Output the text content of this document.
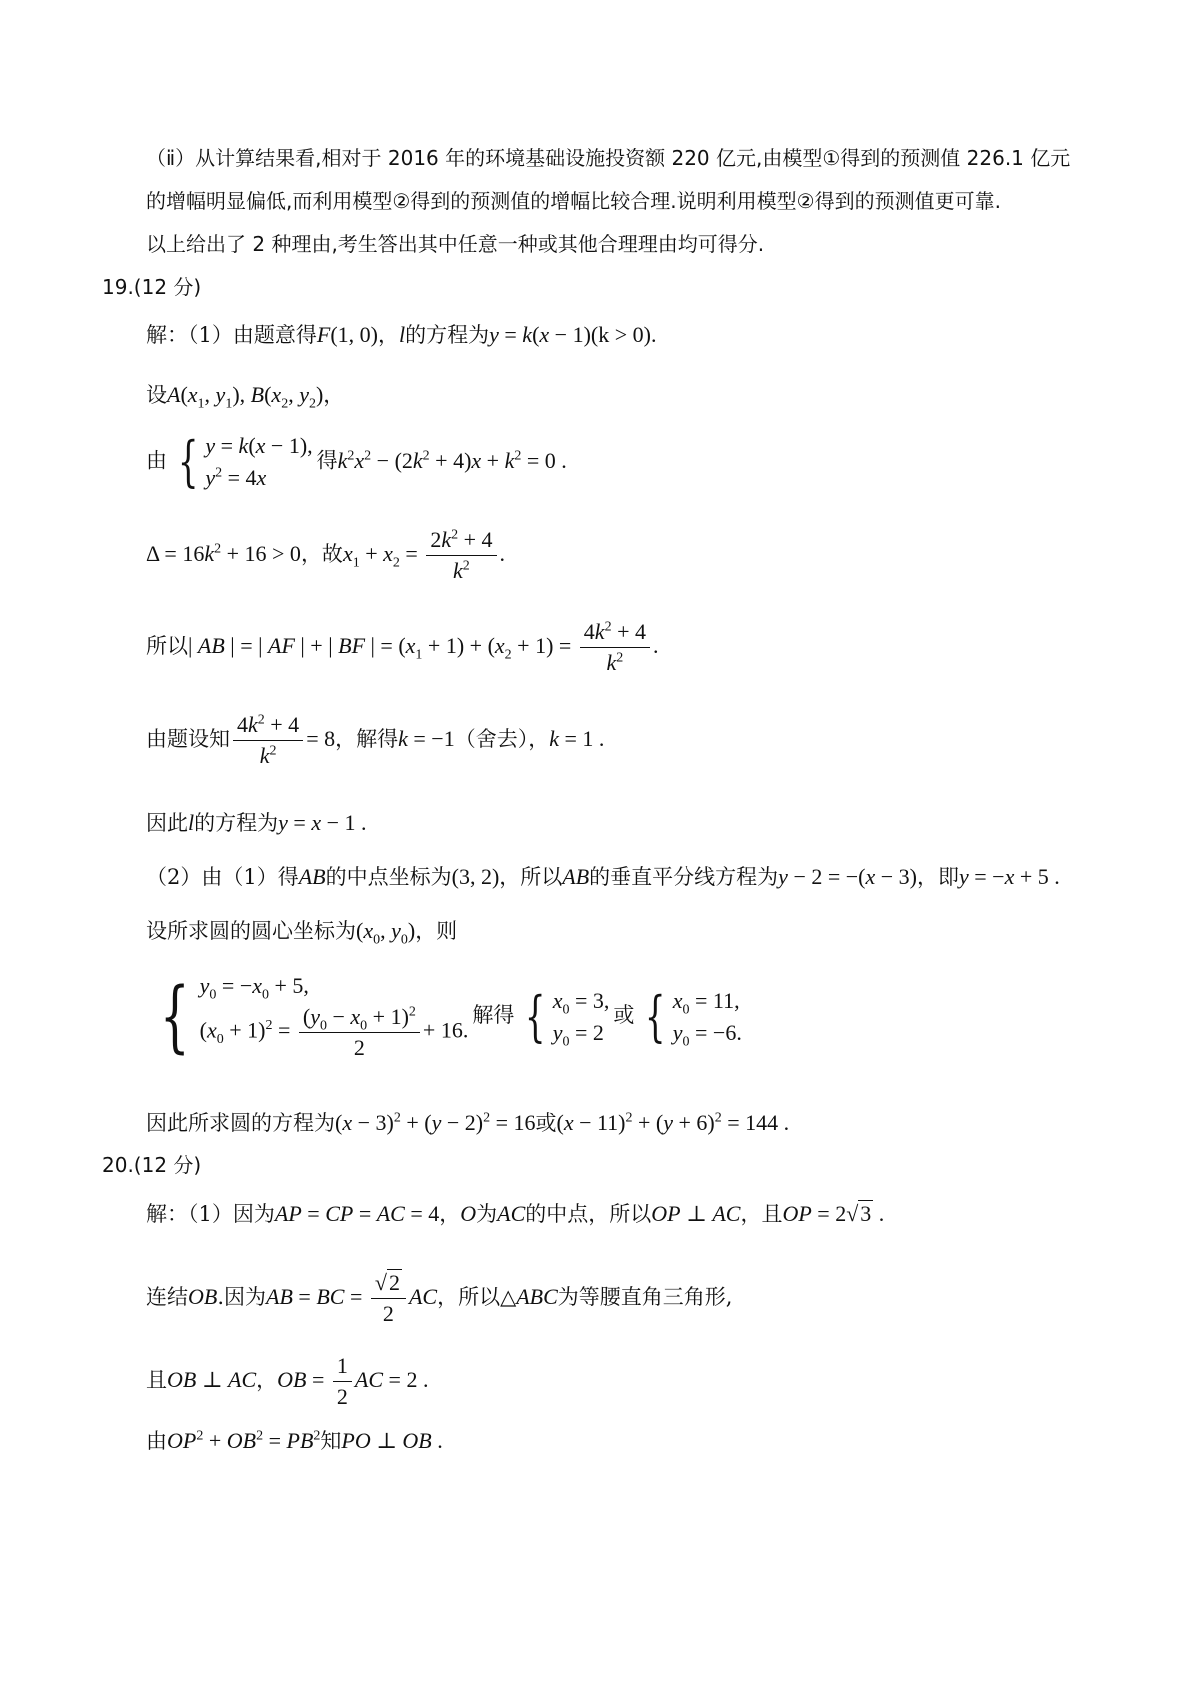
（ⅱ）从计算结果看,相对于 2016 年的环境基础设施投资额 220 亿元,由模型①得到的预测值 226.1 亿元
的增幅明显偏低,而利用模型②得到的预测值的增幅比较合理.说明利用模型②得到的预测值更可靠.
以上给出了 2 种理由,考生答出其中任意一种或其他合理理由均可得分.
19.(12 分)
解：（1）由题意得F(1, 0)，l的方程为y = k(x − 1)(k > 0).
设$A(x_1$, $y_1$), $B(x_2$, $y_2$)，
由 { y = k(x − 1),
$y^2 = 4x$
得$k^2x^2 - (2k^2 + 4)x + k^2 = 0$ .
$\Delta = 16k^2 + 16 > 0$，故$x_1 + x_2 = \frac{2k^2 + 4}{k^2}$ .
所以| AB | = | AF | + | BF | = $(x_1 + 1) + (x_2 + 1) = \frac{4k^2 + 4}{k^2}$ .
由题设知 $\frac{4k^2 + 4}{k^2} = 8$，解得k = −1（舍去），k = 1 .
因此l的方程为y = x − 1 .
（2）由（1）得AB的中点坐标为(3, 2)，所以AB的垂直平分线方程为y − 2 = −(x − 3)，即y = −x + 5 .
设所求圆的圆心坐标为($x_0$, $y_0$)，则
{ $y_0 = -x_0 + 5$,
$(x_0 + 1)^2 = \frac{(y_0 - x_0 + 1)^2}{2} + 16$.
解得 { $x_0 = 3$,
$y_0 = 2$
或 { $x_0 = 11$,
$y_0 = -6$.
因此所求圆的方程为$(x - 3)^2 + (y - 2)^2 = 16$或$(x - 11)^2 + (y + 6)^2 = 144$ .
20.(12 分)
解：（1）因为AP = CP = AC = 4，O为AC的中点，所以OP ⊥ AC，且OP = 2√3 .
连结OB.因为AB = BC = $\frac{√2}{2}$ AC，所以△ABC为等腰直角三角形,
且OB ⊥ AC，OB = $\frac{1}{2}$ AC = 2 .
由$OP^2 + OB^2 = PB^2$知PO ⊥ OB .
